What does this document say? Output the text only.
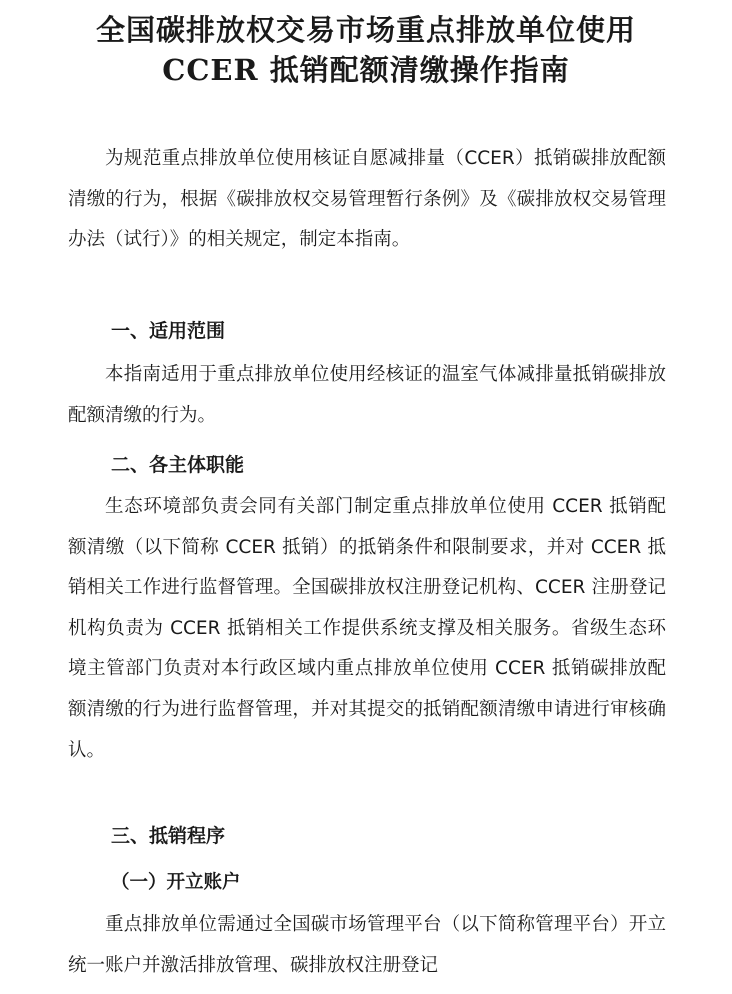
全国碳排放权交易市场重点排放单位使用
CCER 抵销配额清缴操作指南

为规范重点排放单位使用核证自愿减排量（CCER）抵销碳排放配额清缴的行为，根据《碳排放权交易管理暂行条例》及《碳排放权交易管理办法（试行）》的相关规定，制定本指南。

一、适用范围

本指南适用于重点排放单位使用经核证的温室气体减排量抵销碳排放配额清缴的行为。

二、各主体职能

生态环境部负责会同有关部门制定重点排放单位使用 CCER 抵销配额清缴（以下简称 CCER 抵销）的抵销条件和限制要求，并对 CCER 抵销相关工作进行监督管理。全国碳排放权注册登记机构、CCER 注册登记机构负责为 CCER 抵销相关工作提供系统支撑及相关服务。省级生态环境主管部门负责对本行政区域内重点排放单位使用 CCER 抵销碳排放配额清缴的行为进行监督管理，并对其提交的抵销配额清缴申请进行审核确认。

三、抵销程序
（一）开立账户

重点排放单位需通过全国碳市场管理平台（以下简称管理平台）开立统一账户并激活排放管理、碳排放权注册登记
